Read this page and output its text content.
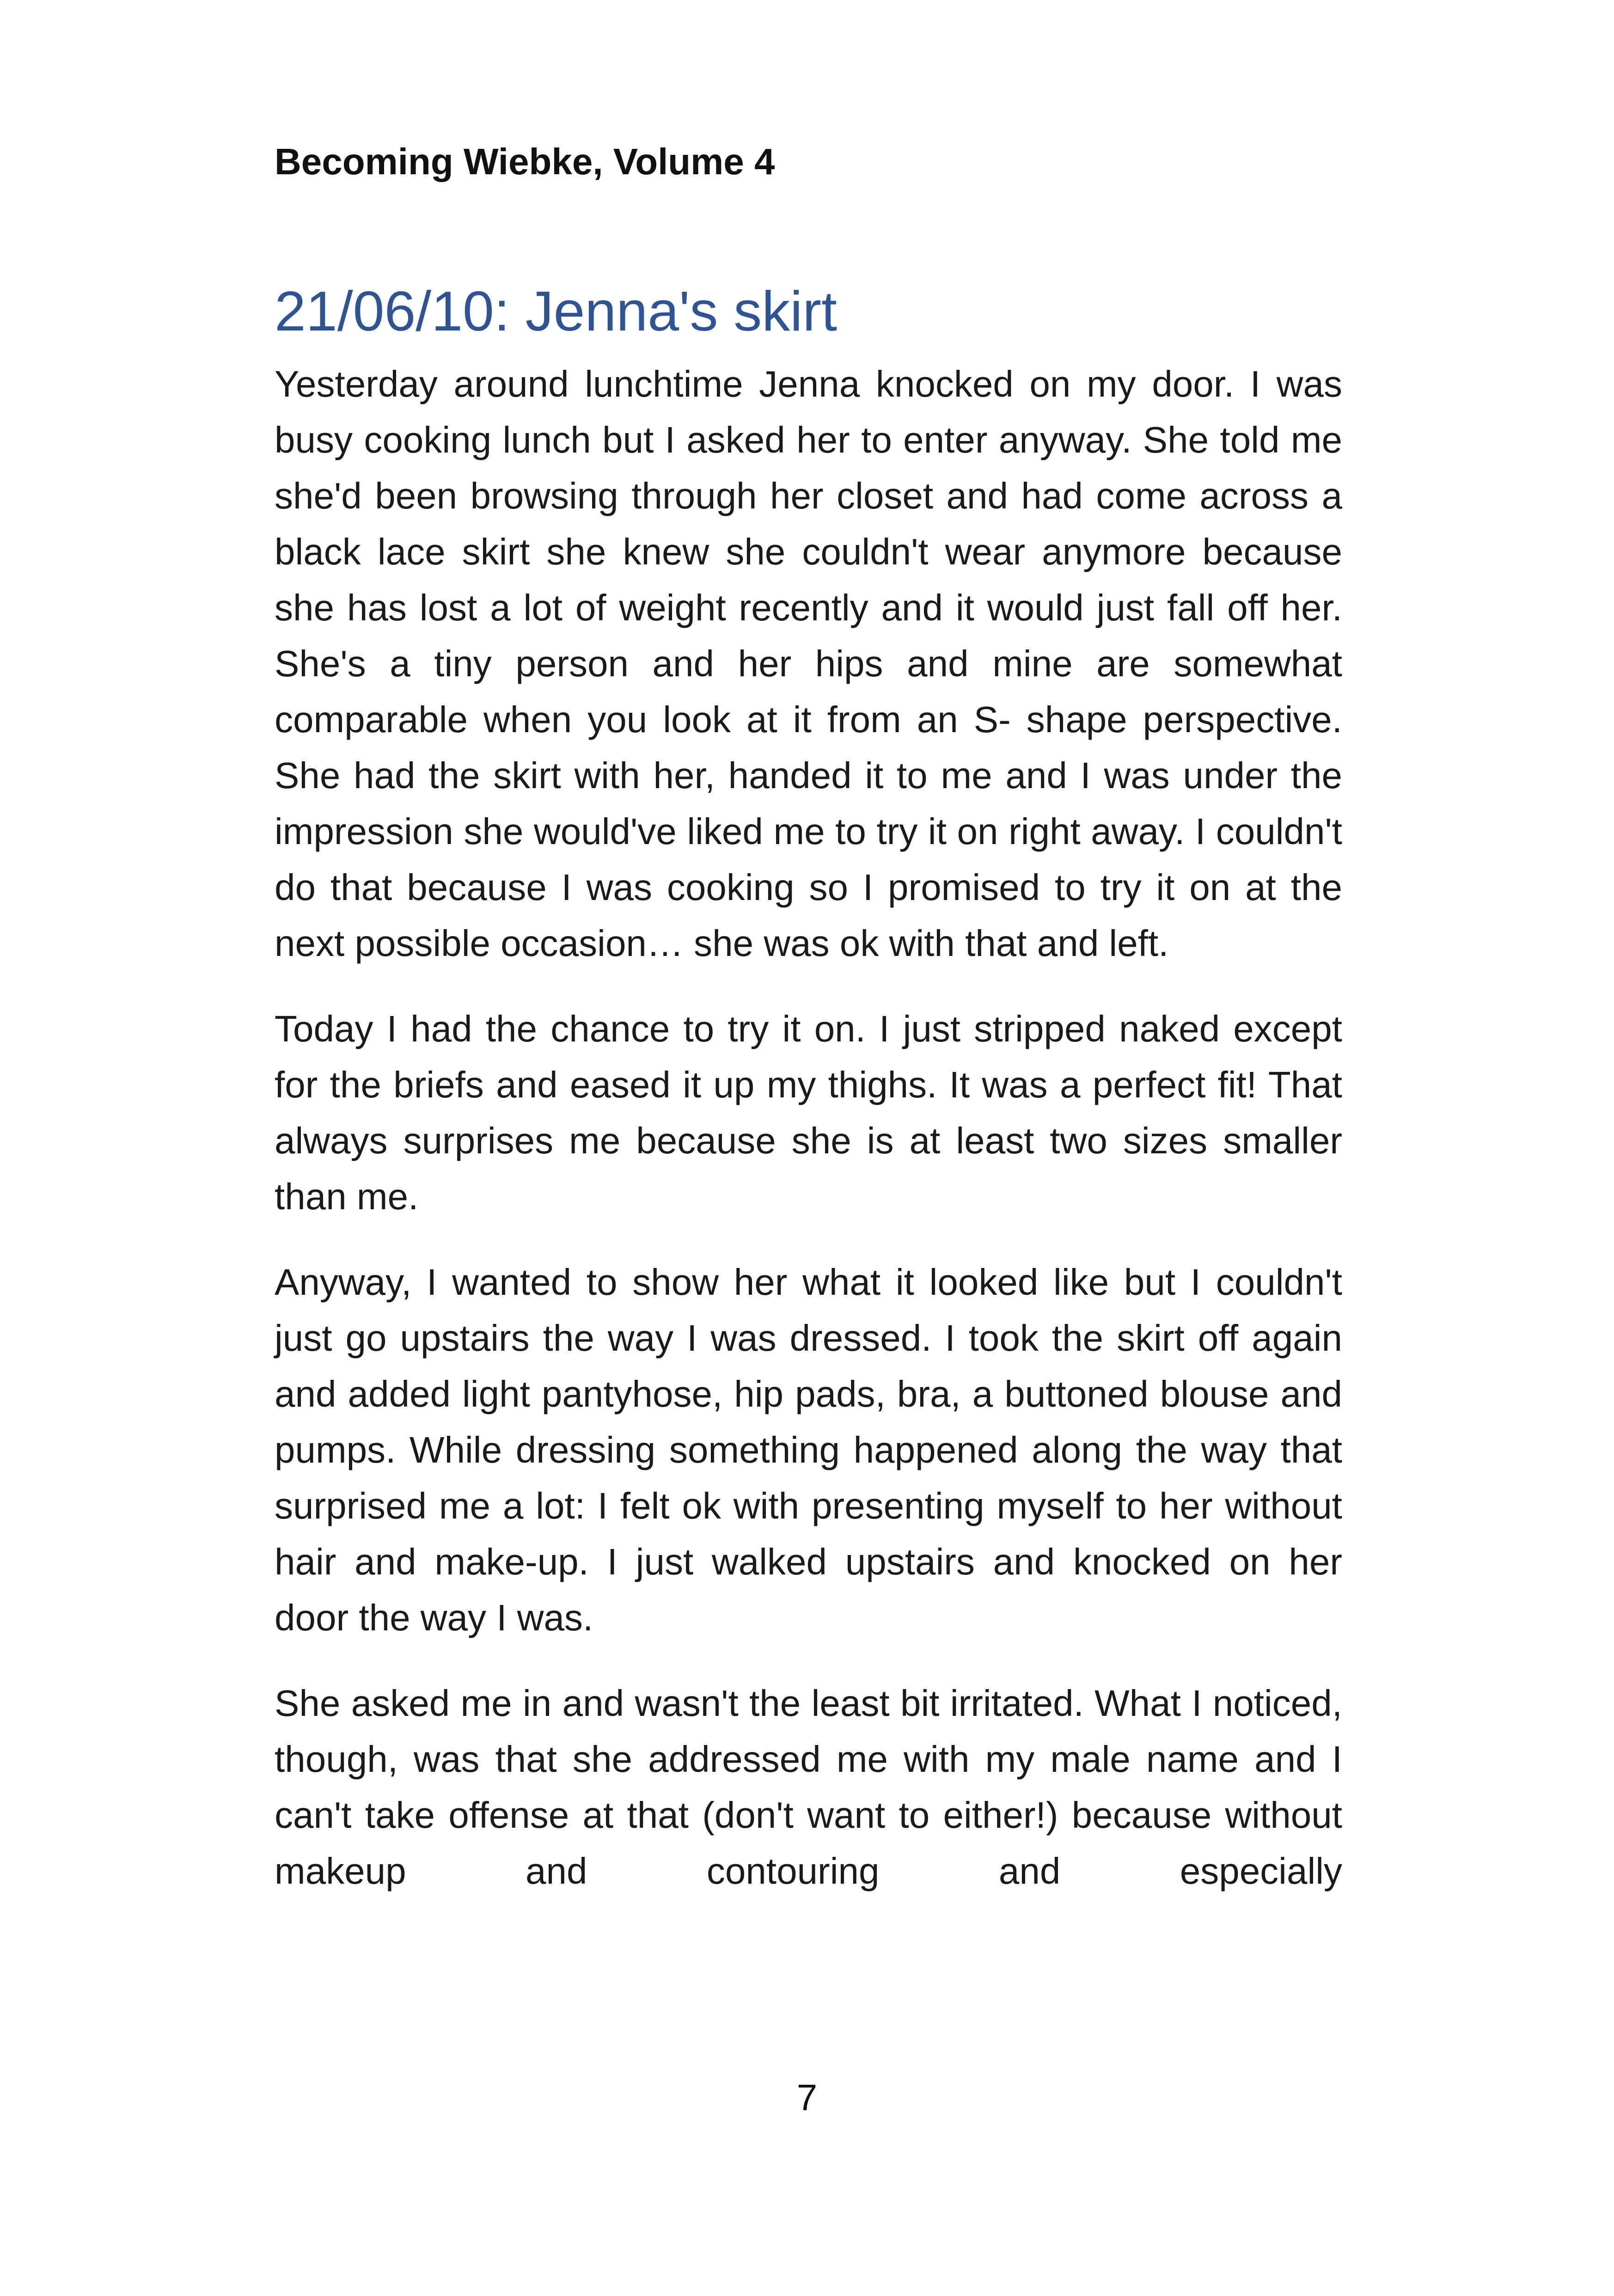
Becoming Wiebke, Volume 4
21/06/10: Jenna's skirt

Yesterday around lunchtime Jenna knocked on my door. I was busy cooking lunch but I asked her to enter anyway. She told me she'd been browsing through her closet and had come across a black lace skirt she knew she couldn't wear anymore because she has lost a lot of weight recently and it would just fall off her. She's a tiny person and her hips and mine are somewhat comparable when you look at it from an S- shape perspective. She had the skirt with her, handed it to me and I was under the impression she would've liked me to try it on right away. I couldn't do that because I was cooking so I promised to try it on at the next possible occasion… she was ok with that and left.

Today I had the chance to try it on. I just stripped naked except for the briefs and eased it up my thighs. It was a perfect fit! That always surprises me because she is at least two sizes smaller than me.

Anyway, I wanted to show her what it looked like but I couldn't just go upstairs the way I was dressed. I took the skirt off again and added light pantyhose, hip pads, bra, a buttoned blouse and pumps. While dressing something happened along the way that surprised me a lot: I felt ok with presenting myself to her without hair and make-up. I just walked upstairs and knocked on her door the way I was.

She asked me in and wasn't the least bit irritated. What I noticed, though, was that she addressed me with my male name and I can't take offense at that (don't want to either!) because without makeup and contouring and especially

7
